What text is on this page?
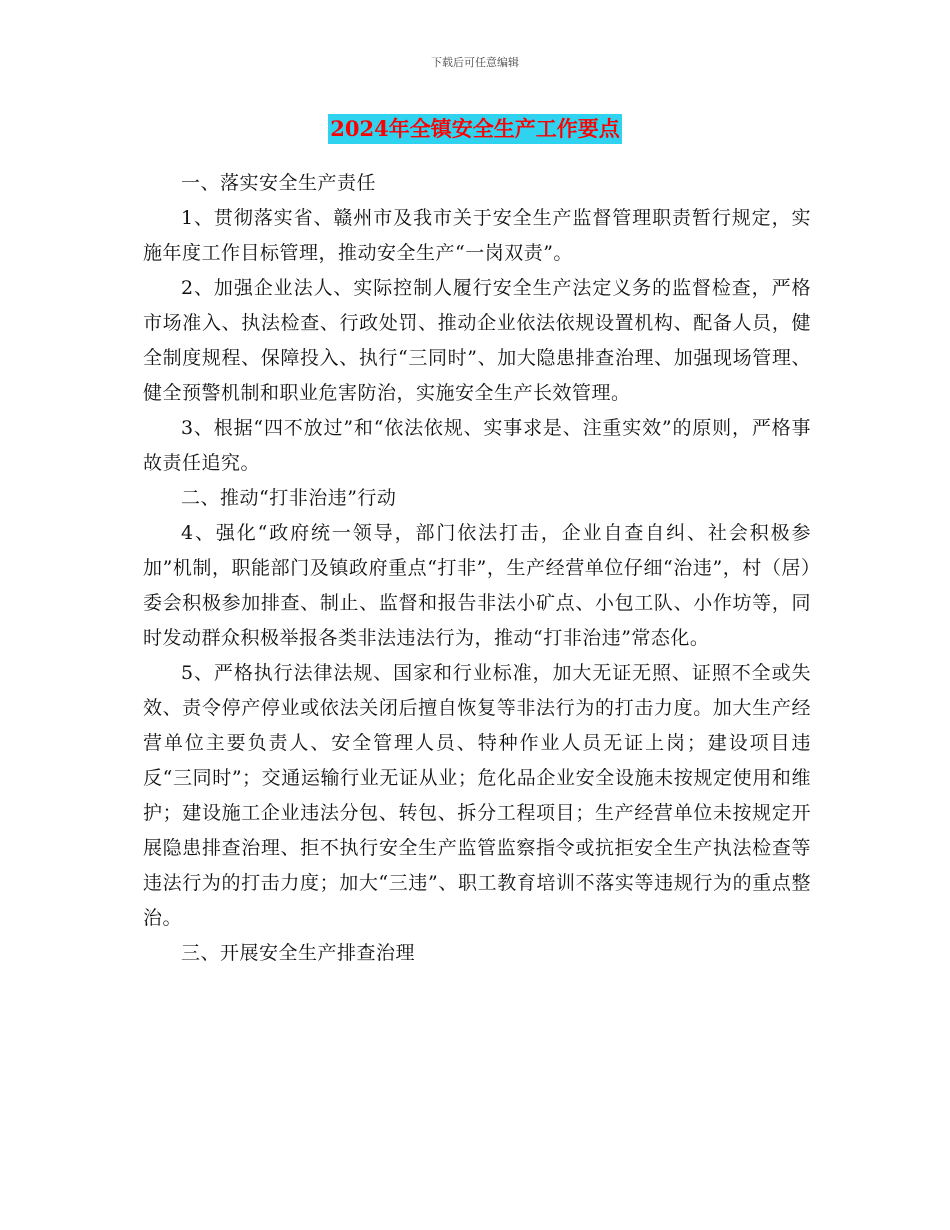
下载后可任意编辑
2024年全镇安全生产工作要点

一、落实安全生产责任

1、贯彻落实省、赣州市及我市关于安全生产监督管理职责暂行规定，实施年度工作目标管理，推动安全生产“一岗双责”。

2、加强企业法人、实际控制人履行安全生产法定义务的监督检查，严格市场准入、执法检查、行政处罚、推动企业依法依规设置机构、配备人员，健全制度规程、保障投入、执行“三同时”、加大隐患排查治理、加强现场管理、健全预警机制和职业危害防治，实施安全生产长效管理。

3、根据“四不放过”和“依法依规、实事求是、注重实效”的原则，严格事故责任追究。

二、推动“打非治违”行动

4、强化“政府统一领导，部门依法打击，企业自查自纠、社会积极参加”机制，职能部门及镇政府重点“打非”，生产经营单位仔细“治违”，村（居）委会积极参加排查、制止、监督和报告非法小矿点、小包工队、小作坊等，同时发动群众积极举报各类非法违法行为，推动“打非治违”常态化。

5、严格执行法律法规、国家和行业标准，加大无证无照、证照不全或失效、责令停产停业或依法关闭后擅自恢复等非法行为的打击力度。加大生产经营单位主要负责人、安全管理人员、特种作业人员无证上岗；建设项目违反“三同时”；交通运输行业无证从业；危化品企业安全设施未按规定使用和维护；建设施工企业违法分包、转包、拆分工程项目；生产经营单位未按规定开展隐患排查治理、拒不执行安全生产监管监察指令或抗拒安全生产执法检查等违法行为的打击力度；加大“三违”、职工教育培训不落实等违规行为的重点整治。

三、开展安全生产排查治理
